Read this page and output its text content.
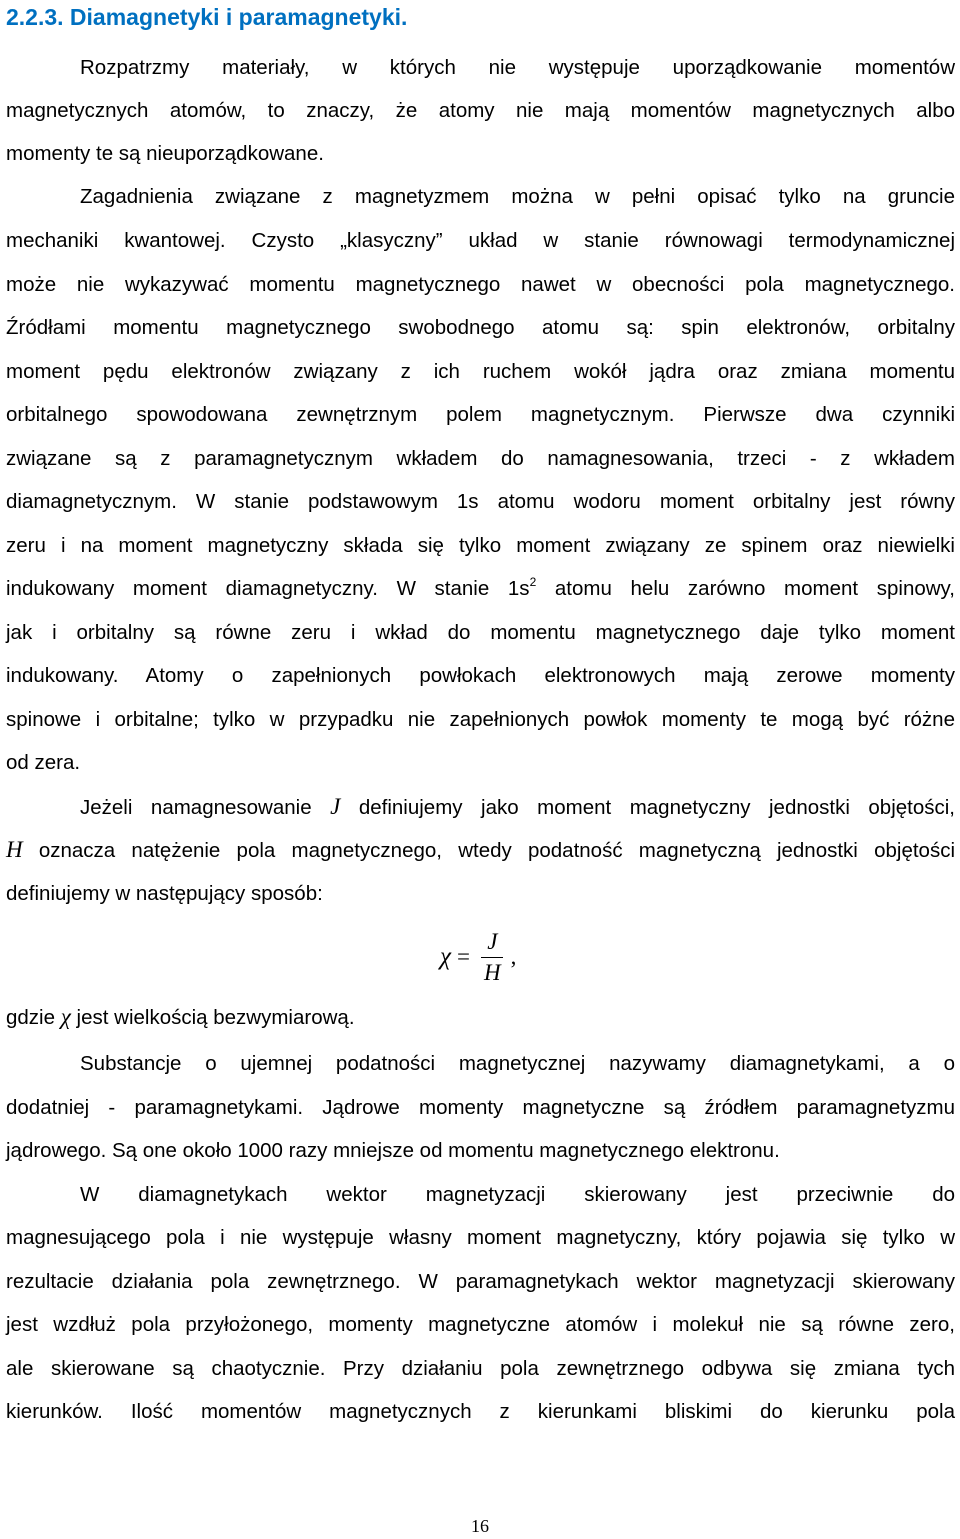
2.2.3. Diamagnetyki i paramagnetyki.
Rozpatrzmy materiały, w których nie występuje uporządkowanie momentów
magnetycznych atomów, to znaczy, że atomy nie mają momentów magnetycznych albo
momenty te są nieuporządkowane.
Zagadnienia związane z magnetyzmem można w pełni opisać tylko na gruncie
mechaniki kwantowej. Czysto „klasyczny” układ w stanie równowagi termodynamicznej
może nie wykazywać momentu magnetycznego nawet w obecności pola magnetycznego.
Źródłami momentu magnetycznego swobodnego atomu są: spin elektronów, orbitalny
moment pędu elektronów związany z ich ruchem wokół jądra oraz zmiana momentu
orbitalnego spowodowana zewnętrznym polem magnetycznym. Pierwsze dwa czynniki
związane są z paramagnetycznym wkładem do namagnesowania, trzeci - z wkładem
diamagnetycznym. W stanie podstawowym 1s atomu wodoru moment orbitalny jest równy
zeru i na moment magnetyczny składa się tylko moment związany ze spinem oraz niewielki
indukowany moment diamagnetyczny. W stanie $1s^2$ atomu helu zarówno moment spinowy,
jak i orbitalny są równe zeru i wkład do momentu magnetycznego daje tylko moment
indukowany. Atomy o zapełnionych powłokach elektronowych mają zerowe momenty
spinowe i orbitalne; tylko w przypadku nie zapełnionych powłok momenty te mogą być różne
od zera.
Jeżeli namagnesowanie J definiujemy jako moment magnetyczny jednostki objętości,
H oznacza natężenie pola magnetycznego, wtedy podatność magnetyczną jednostki objętości
definiujemy w następujący sposób:
$\chi = \frac{J}{H}$ ,
gdzie χ jest wielkością bezwymiarową.
Substancje o ujemnej podatności magnetycznej nazywamy diamagnetykami, a o
dodatniej - paramagnetykami. Jądrowe momenty magnetyczne są źródłem paramagnetyzmu
jądrowego. Są one około 1000 razy mniejsze od momentu magnetycznego elektronu.
W diamagnetykach wektor magnetyzacji skierowany jest przeciwnie do
magnesującego pola i nie występuje własny moment magnetyczny, który pojawia się tylko w
rezultacie działania pola zewnętrznego. W paramagnetykach wektor magnetyzacji skierowany
jest wzdłuż pola przyłożonego, momenty magnetyczne atomów i molekuł nie są równe zero,
ale skierowane są chaotycznie. Przy działaniu pola zewnętrznego odbywa się zmiana tych
kierunków. Ilość momentów magnetycznych z kierunkami bliskimi do kierunku pola
16
